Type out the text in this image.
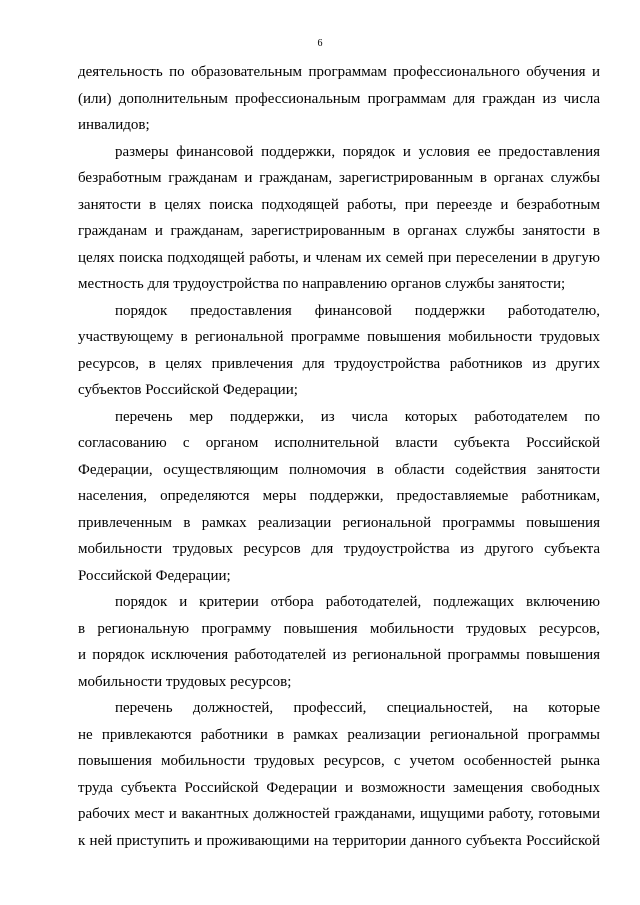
6
деятельность по образовательным программам профессионального обучения и
(или) дополнительным профессиональным программам для граждан из числа
инвалидов;
размеры финансовой поддержки, порядок и условия ее предоставления
безработным гражданам и гражданам, зарегистрированным в органах службы
занятости в целях поиска подходящей работы, при переезде и безработным
гражданам и гражданам, зарегистрированным в органах службы занятости в
целях поиска подходящей работы, и членам их семей при переселении в другую
местность для трудоустройства по направлению органов службы занятости;
порядок предоставления финансовой поддержки работодателю,
участвующему в региональной программе повышения мобильности трудовых
ресурсов, в целях привлечения для трудоустройства работников из других
субъектов Российской Федерации;
перечень мер поддержки, из числа которых работодателем по
согласованию с органом исполнительной власти субъекта Российской
Федерации, осуществляющим полномочия в области содействия занятости
населения, определяются меры поддержки, предоставляемые работникам,
привлеченным в рамках реализации региональной программы повышения
мобильности трудовых ресурсов для трудоустройства из другого субъекта
Российской Федерации;
порядок и критерии отбора работодателей, подлежащих включению
в региональную программу повышения мобильности трудовых ресурсов,
и порядок исключения работодателей из региональной программы повышения
мобильности трудовых ресурсов;
перечень должностей, профессий, специальностей, на которые
не привлекаются работники в рамках реализации региональной программы
повышения мобильности трудовых ресурсов, с учетом особенностей рынка
труда субъекта Российской Федерации и возможности замещения свободных
рабочих мест и вакантных должностей гражданами, ищущими работу, готовыми
к ней приступить и проживающими на территории данного субъекта Российской
